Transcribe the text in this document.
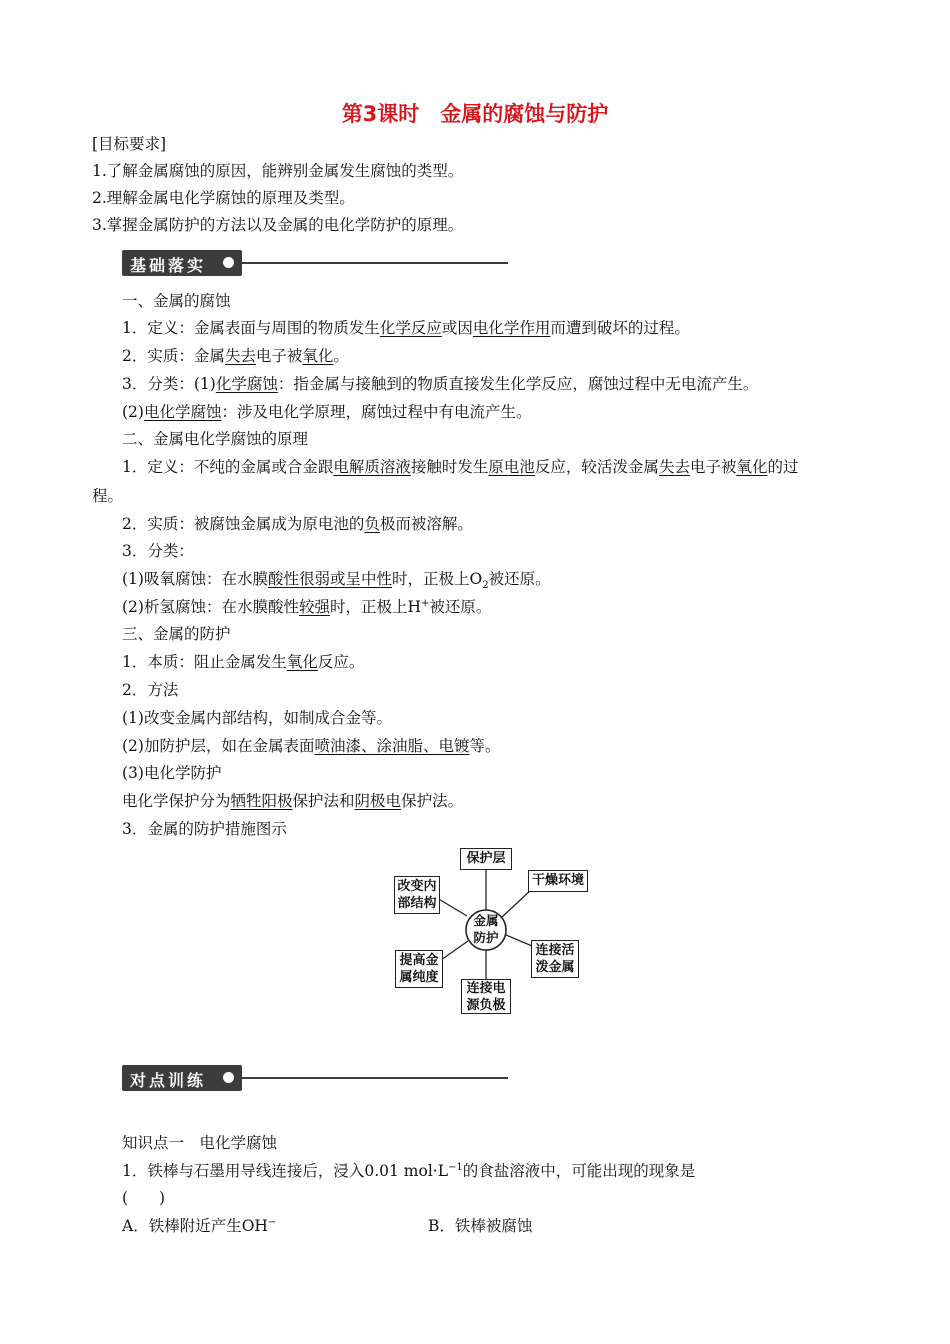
第3课时　金属的腐蚀与防护
[目标要求]
1.了解金属腐蚀的原因，能辨别金属发生腐蚀的类型。
2.理解金属电化学腐蚀的原理及类型。
3.掌握金属防护的方法以及金属的电化学防护的原理。
基础落实
一、金属的腐蚀
1．定义：金属表面与周围的物质发生化学反应或因电化学作用而遭到破坏的过程。
2．实质：金属失去电子被氧化。
3．分类：(1)化学腐蚀：指金属与接触到的物质直接发生化学反应，腐蚀过程中无电流产生。
(2)电化学腐蚀：涉及电化学原理，腐蚀过程中有电流产生。
二、金属电化学腐蚀的原理
1．定义：不纯的金属或合金跟电解质溶液接触时发生原电池反应，较活泼金属失去电子被氧化的过
程。
2．实质：被腐蚀金属成为原电池的负极而被溶解。
3．分类：
(1)吸氧腐蚀：在水膜酸性很弱或呈中性时，正极上$O_2$被还原。
(2)析氢腐蚀：在水膜酸性较强时，正极上H+被还原。
三、金属的防护
1．本质：阻止金属发生氧化反应。
2．方法
(1)改变金属内部结构，如制成合金等。
(2)加防护层，如在金属表面喷油漆、涂油脂、电镀等。
(3)电化学防护
电化学保护分为牺牲阳极保护法和阴极电保护法。
3．金属的防护措施图示
金属
防护
保护层
干燥环境
改变内
部结构
连接活
泼金属
提高金
属纯度
连接电
源负极
对点训练
知识点一　电化学腐蚀
1．铁棒与石墨用导线连接后，浸入0.01 $mol\cdot L^{-1}$的食盐溶液中，可能出现的现象是
(　　)
A．铁棒附近产生OH−	B．铁棒被腐蚀
